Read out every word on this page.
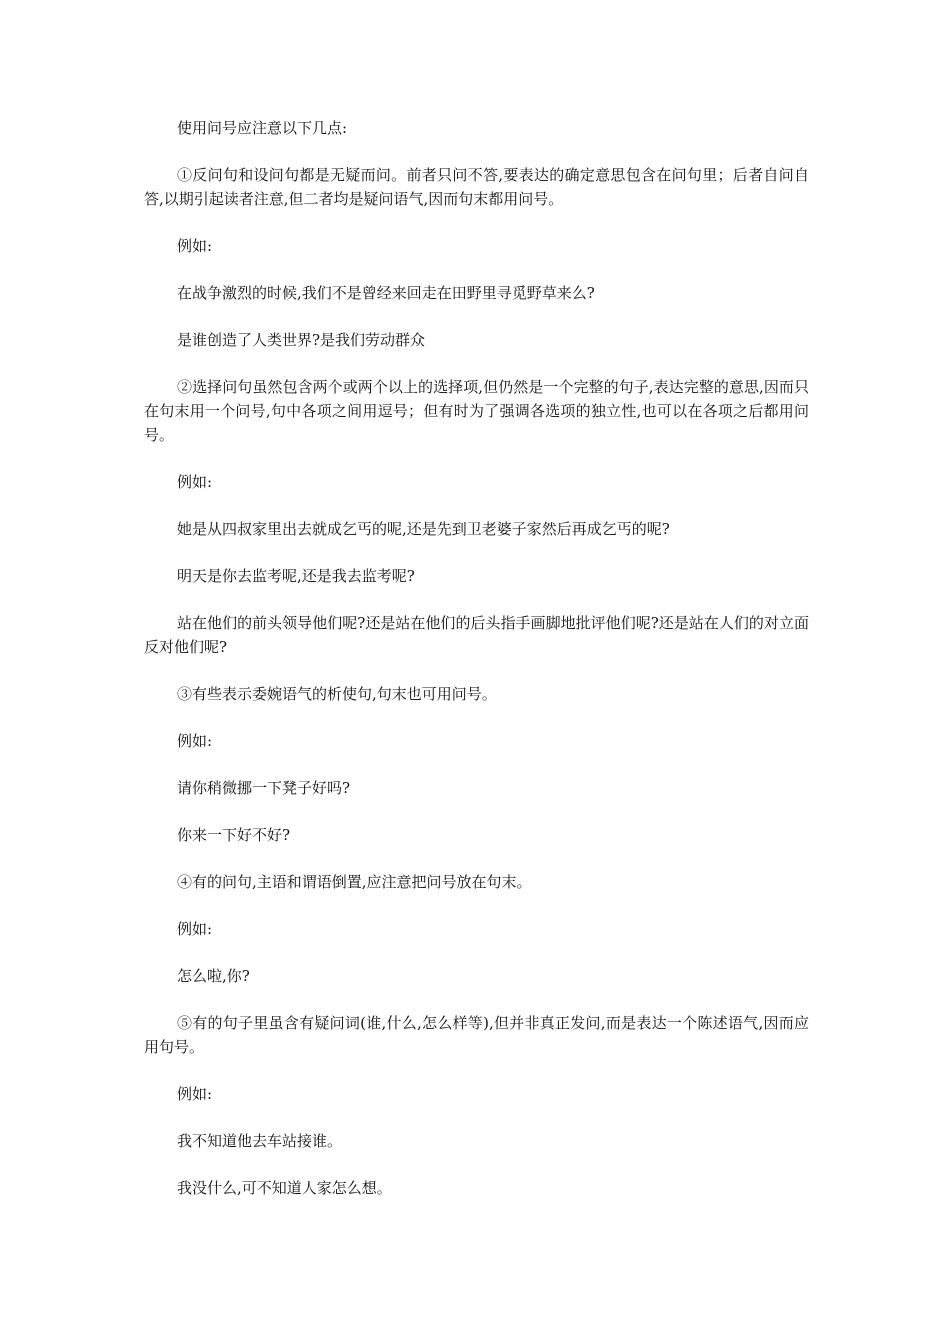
使用问号应注意以下几点:

①反问句和设问句都是无疑而问。前者只问不答,要表达的确定意思包含在问句里；后者自问自答,以期引起读者注意,但二者均是疑问语气,因而句末都用问号。

例如:

在战争激烈的时候,我们不是曾经来回走在田野里寻觅野草来么?

是谁创造了人类世界?是我们劳动群众

②选择问句虽然包含两个或两个以上的选择项,但仍然是一个完整的句子,表达完整的意思,因而只在句末用一个问号,句中各项之间用逗号；但有时为了强调各选项的独立性,也可以在各项之后都用问号。

例如:

她是从四叔家里出去就成乞丐的呢,还是先到卫老婆子家然后再成乞丐的呢?

明天是你去监考呢,还是我去监考呢?

站在他们的前头领导他们呢?还是站在他们的后头指手画脚地批评他们呢?还是站在人们的对立面反对他们呢?

③有些表示委婉语气的析使句,句末也可用问号。

例如:

请你稍微挪一下凳子好吗?

你来一下好不好?

④有的问句,主语和谓语倒置,应注意把问号放在句末。

例如:

怎么啦,你?

⑤有的句子里虽含有疑问词(谁,什么,怎么样等),但并非真正发问,而是表达一个陈述语气,因而应用句号。

例如:

我不知道他去车站接谁。

我没什么,可不知道人家怎么想。
